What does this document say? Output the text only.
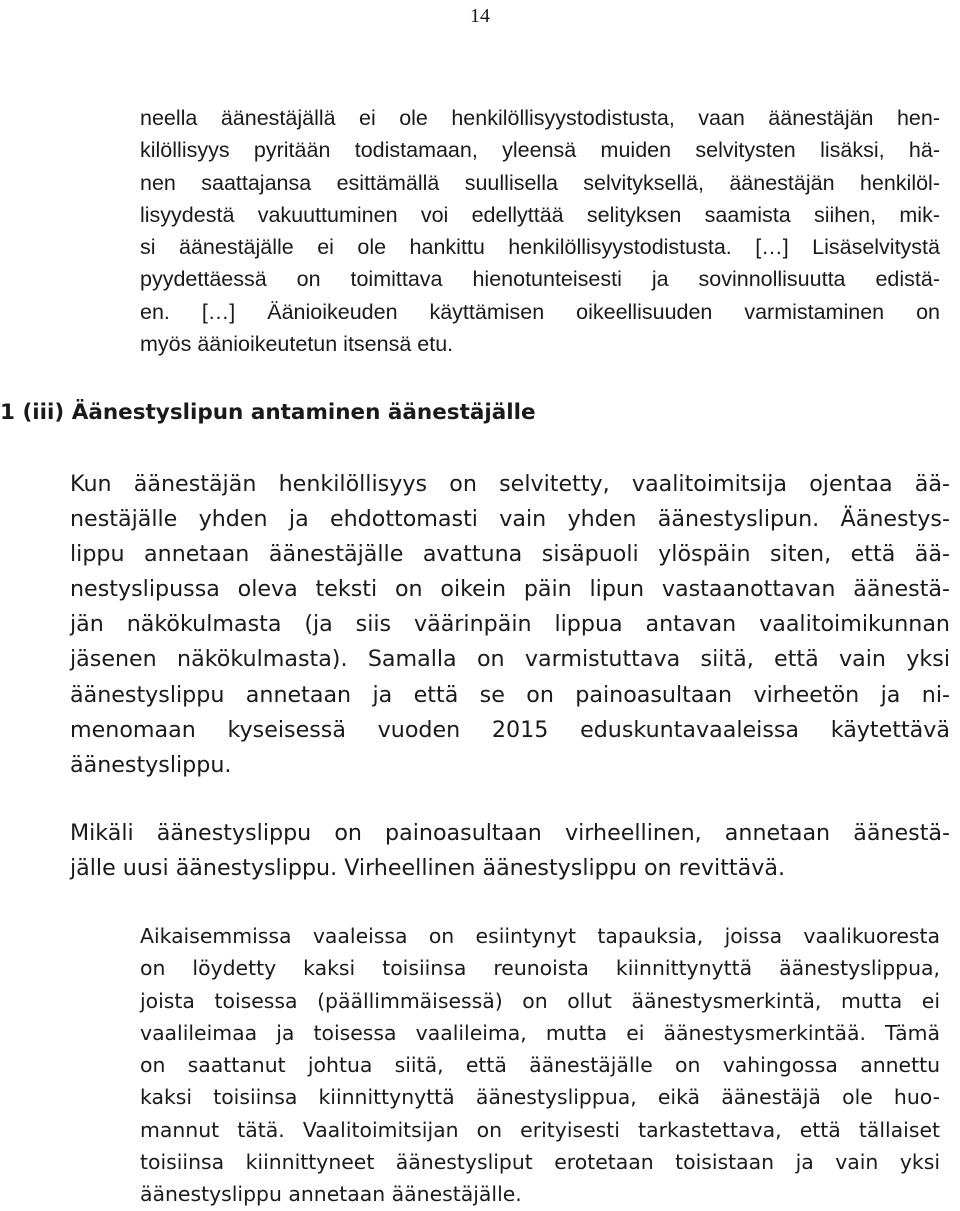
14
neella äänestäjällä ei ole henkilöllisyystodistusta, vaan äänestäjän hen-
kilöllisyys pyritään todistamaan, yleensä muiden selvitysten lisäksi, hä-
nen saattajansa esittämällä suullisella selvityksellä, äänestäjän henkilöl-
lisyydestä vakuuttuminen voi edellyttää selityksen saamista siihen, mik-
si äänestäjälle ei ole hankittu henkilöllisyystodistusta. […] Lisäselvitystä
pyydettäessä on toimittava hienotunteisesti ja sovinnollisuutta edistä-
en. […] Äänioikeuden käyttämisen oikeellisuuden varmistaminen on
myös äänioikeutetun itsensä etu.
1 (iii) Äänestyslipun antaminen äänestäjälle
Kun äänestäjän henkilöllisyys on selvitetty, vaalitoimitsija ojentaa ää-
nestäjälle yhden ja ehdottomasti vain yhden äänestyslipun. Äänestys-
lippu annetaan äänestäjälle avattuna sisäpuoli ylöspäin siten, että ää-
nestyslipussa oleva teksti on oikein päin lipun vastaanottavan äänestä-
jän näkökulmasta (ja siis väärinpäin lippua antavan vaalitoimikunnan
jäsenen näkökulmasta). Samalla on varmistuttava siitä, että vain yksi
äänestyslippu annetaan ja että se on painoasultaan virheetön ja ni-
menomaan kyseisessä vuoden 2015 eduskuntavaaleissa käytettävä
äänestyslippu.
Mikäli äänestyslippu on painoasultaan virheellinen, annetaan äänestä-
jälle uusi äänestyslippu. Virheellinen äänestyslippu on revittävä.
Aikaisemmissa vaaleissa on esiintynyt tapauksia, joissa vaalikuoresta
on löydetty kaksi toisiinsa reunoista kiinnittynyttä äänestyslippua,
joista toisessa (päällimmäisessä) on ollut äänestysmerkintä, mutta ei
vaalileimaa ja toisessa vaalileima, mutta ei äänestysmerkintää. Tämä
on saattanut johtua siitä, että äänestäjälle on vahingossa annettu
kaksi toisiinsa kiinnittynyttä äänestyslippua, eikä äänestäjä ole huo-
mannut tätä. Vaalitoimitsijan on erityisesti tarkastettava, että tällaiset
toisiinsa kiinnittyneet äänestysliput erotetaan toisistaan ja vain yksi
äänestyslippu annetaan äänestäjälle.
